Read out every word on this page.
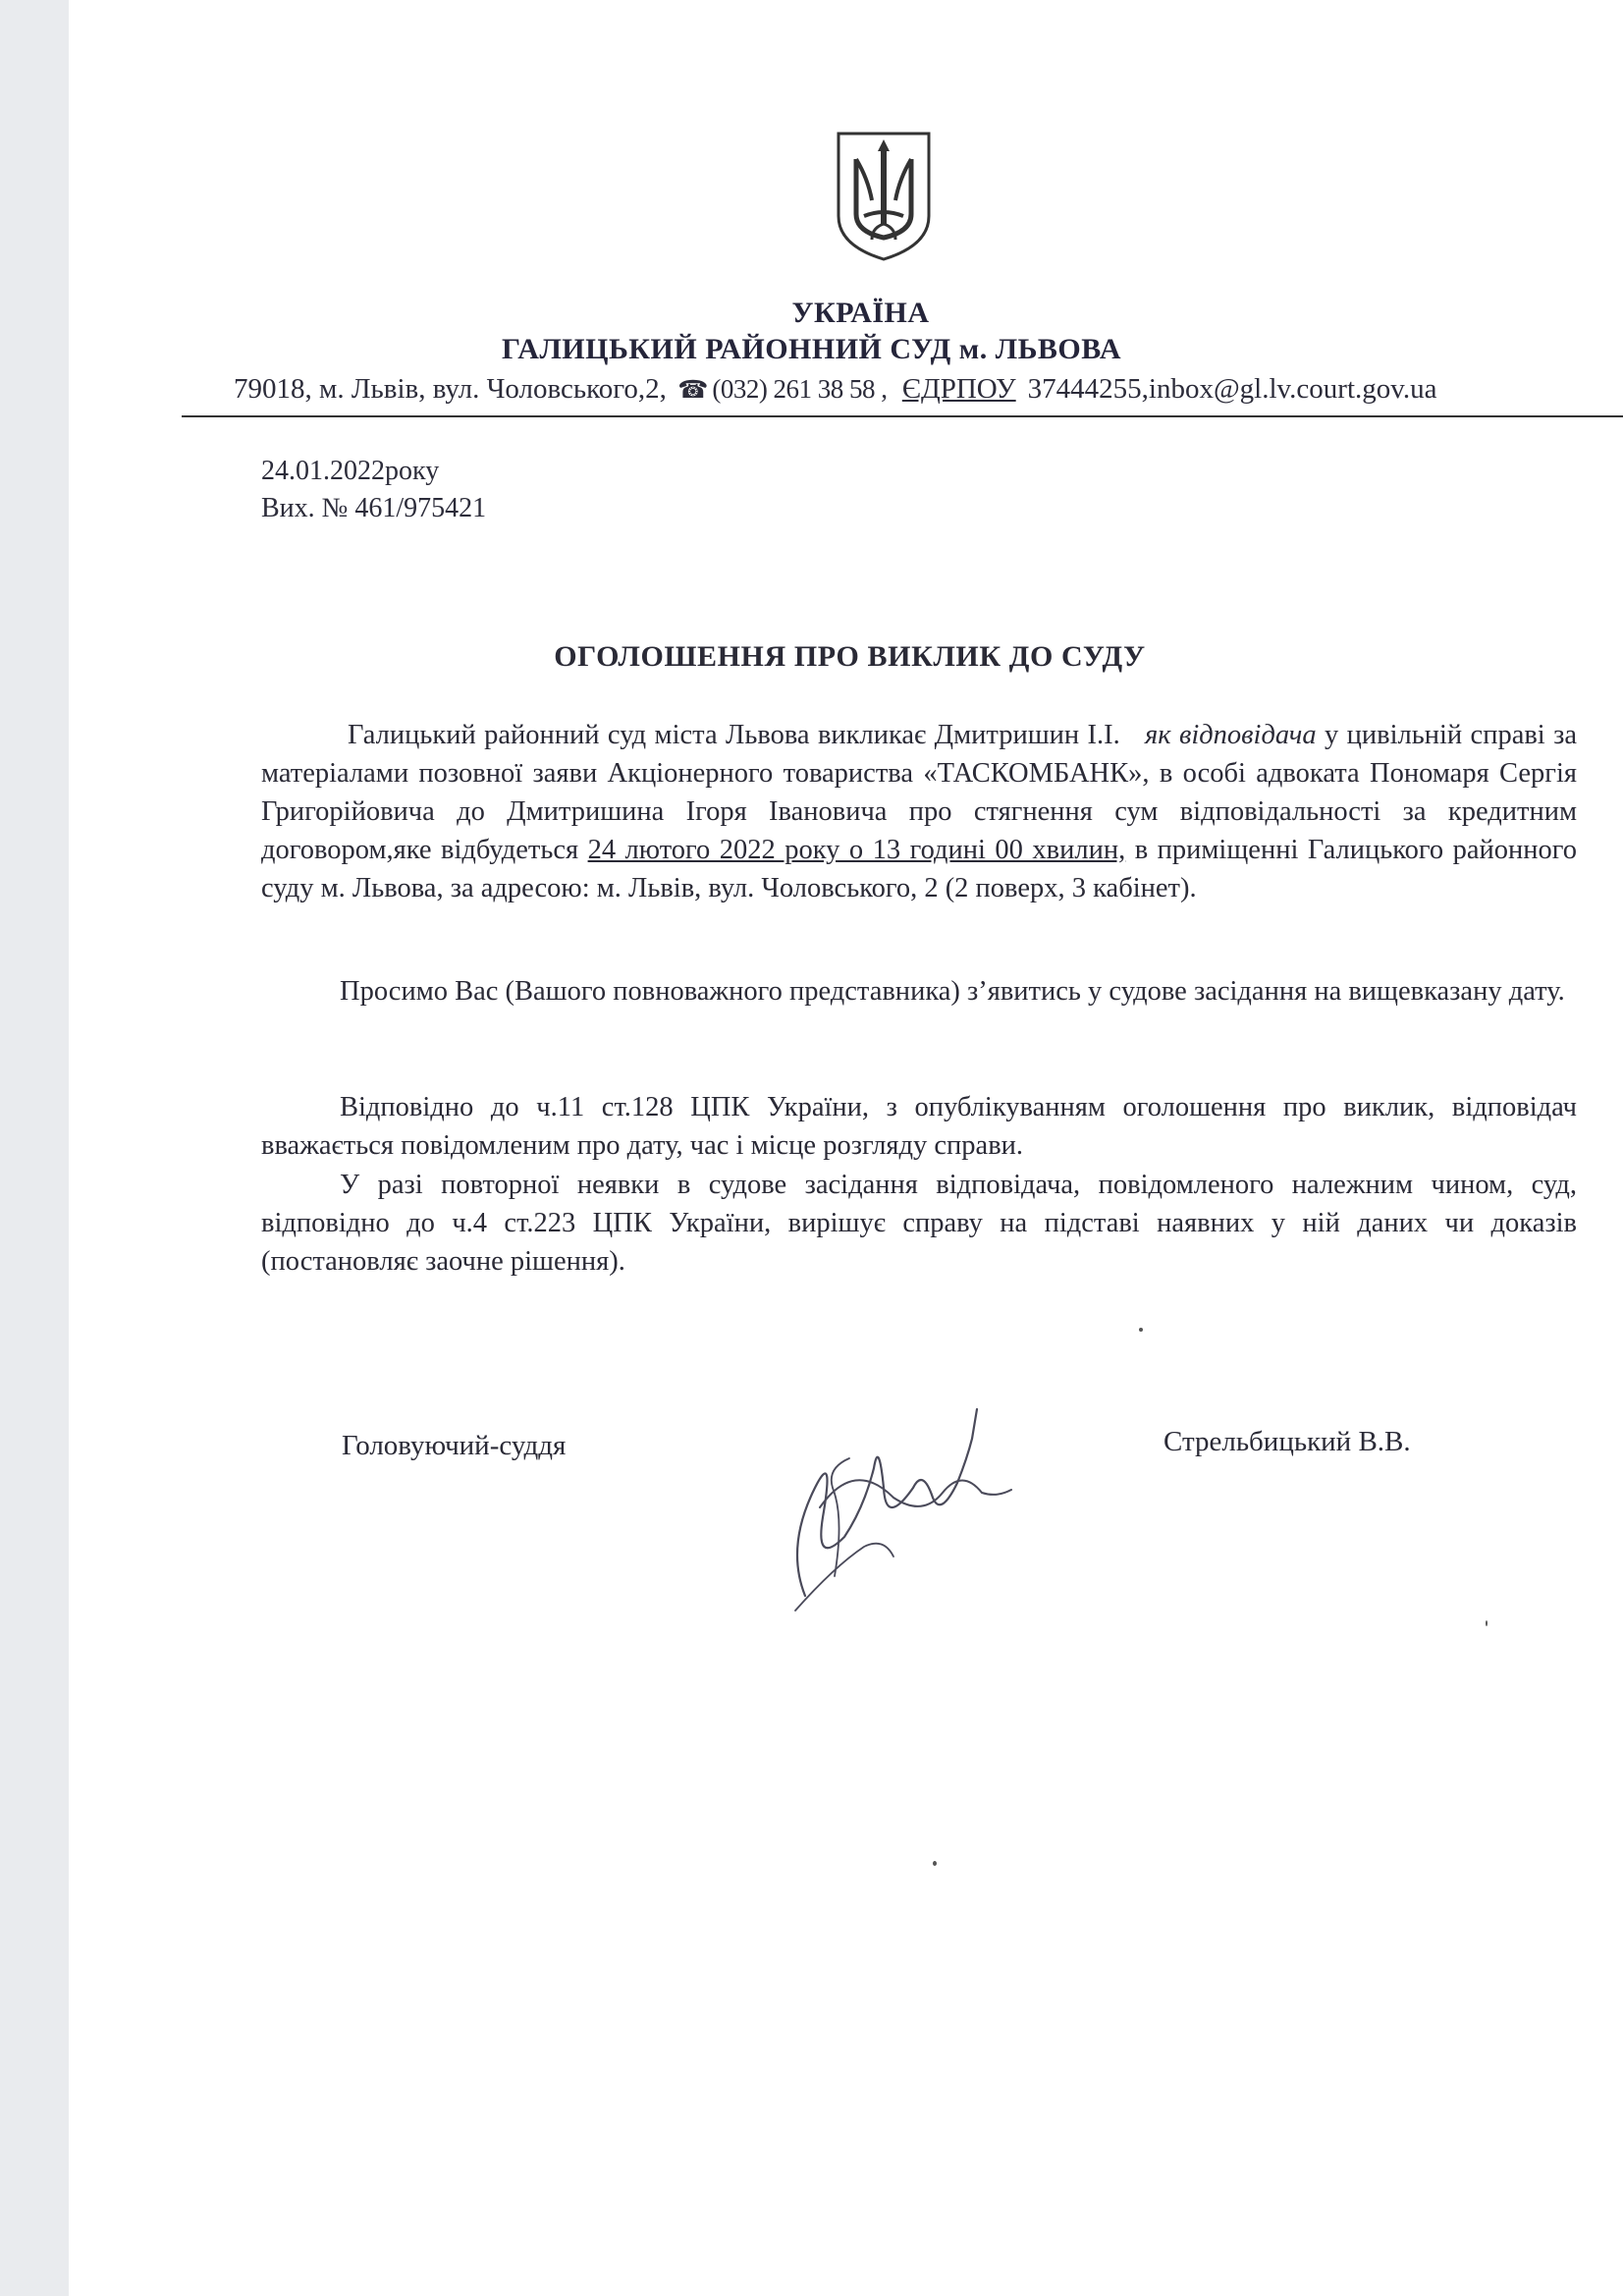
УКРАЇНА
ГАЛИЦЬКИЙ РАЙОННИЙ СУД м. ЛЬВОВА
79018, м. Львів, вул. Чоловського,2, ☎ (032) 261 38 58 , ЄДРПОУ 37444255,inbox@gl.lv.court.gov.ua
24.01.2022року
Вих. № 461/975421
ОГОЛОШЕННЯ ПРО ВИКЛИК ДО СУДУ
Галицький районний суд міста Львова викликає Дмитришин І.І. як відповідача у цивільній справі за матеріалами позовної заяви Акціонерного товариства «ТАСКОМБАНК», в особі адвоката Пономаря Сергія Григорійовича до Дмитришина Ігоря Івановича про стягнення сум відповідальності за кредитним договором,яке відбудеться 24 лютого 2022 року о 13 годині 00 хвилин, в приміщенні Галицького районного суду м. Львова, за адресою: м. Львів, вул. Чоловського, 2 (2 поверх, 3 кабінет).
Просимо Вас (Вашого повноважного представника) з’явитись у судове засідання на вищевказану дату.
Відповідно до ч.11 ст.128 ЦПК України, з опублікуванням оголошення про виклик, відповідач вважається повідомленим про дату, час і місце розгляду справи.
У разі повторної неявки в судове засідання відповідача, повідомленого належним чином, суд, відповідно до ч.4 ст.223 ЦПК України, вирішує справу на підставі наявних у ній даних чи доказів (постановляє заочне рішення).
Головуючий-суддя	Стрельбицький В.В.
